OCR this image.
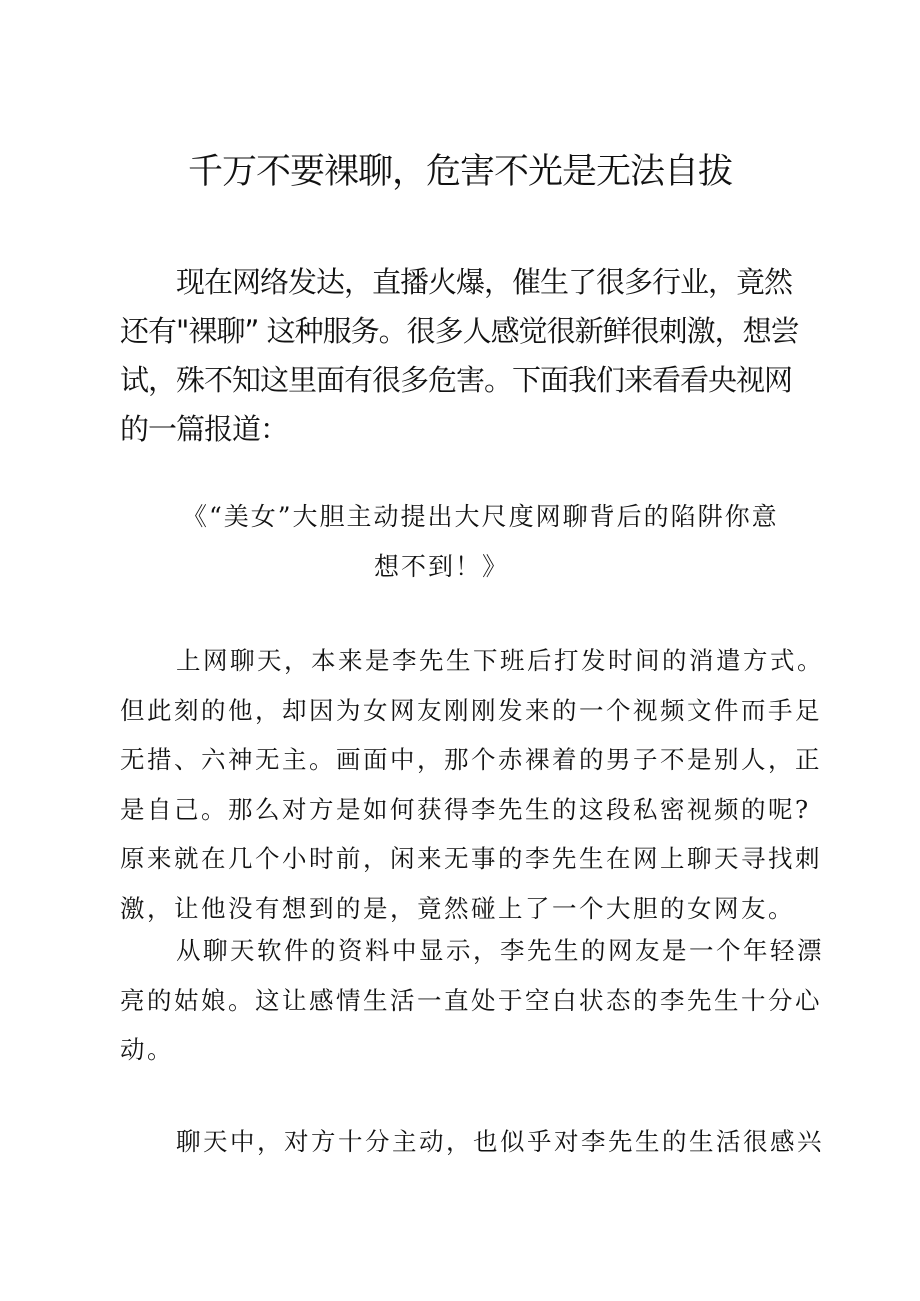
千万不要裸聊，危害不光是无法自拔
现在网络发达，直播火爆，催生了很多行业，竟然
还有"裸聊” 这种服务。很多人感觉很新鲜很刺激，想尝
试，殊不知这里面有很多危害。下面我们来看看央视网
的一篇报道：
《“美女”大胆主动提出大尺度网聊背后的陷阱你意
想不到！》
上网聊天，本来是李先生下班后打发时间的消遣方式。
但此刻的他，却因为女网友刚刚发来的一个视频文件而手足
无措、六神无主。画面中，那个赤裸着的男子不是别人，正
是自己。那么对方是如何获得李先生的这段私密视频的呢?
原来就在几个小时前，闲来无事的李先生在网上聊天寻找刺
激，让他没有想到的是，竟然碰上了一个大胆的女网友。
从聊天软件的资料中显示，李先生的网友是一个年轻漂
亮的姑娘。这让感情生活一直处于空白状态的李先生十分心
动。
聊天中，对方十分主动，也似乎对李先生的生活很感兴
